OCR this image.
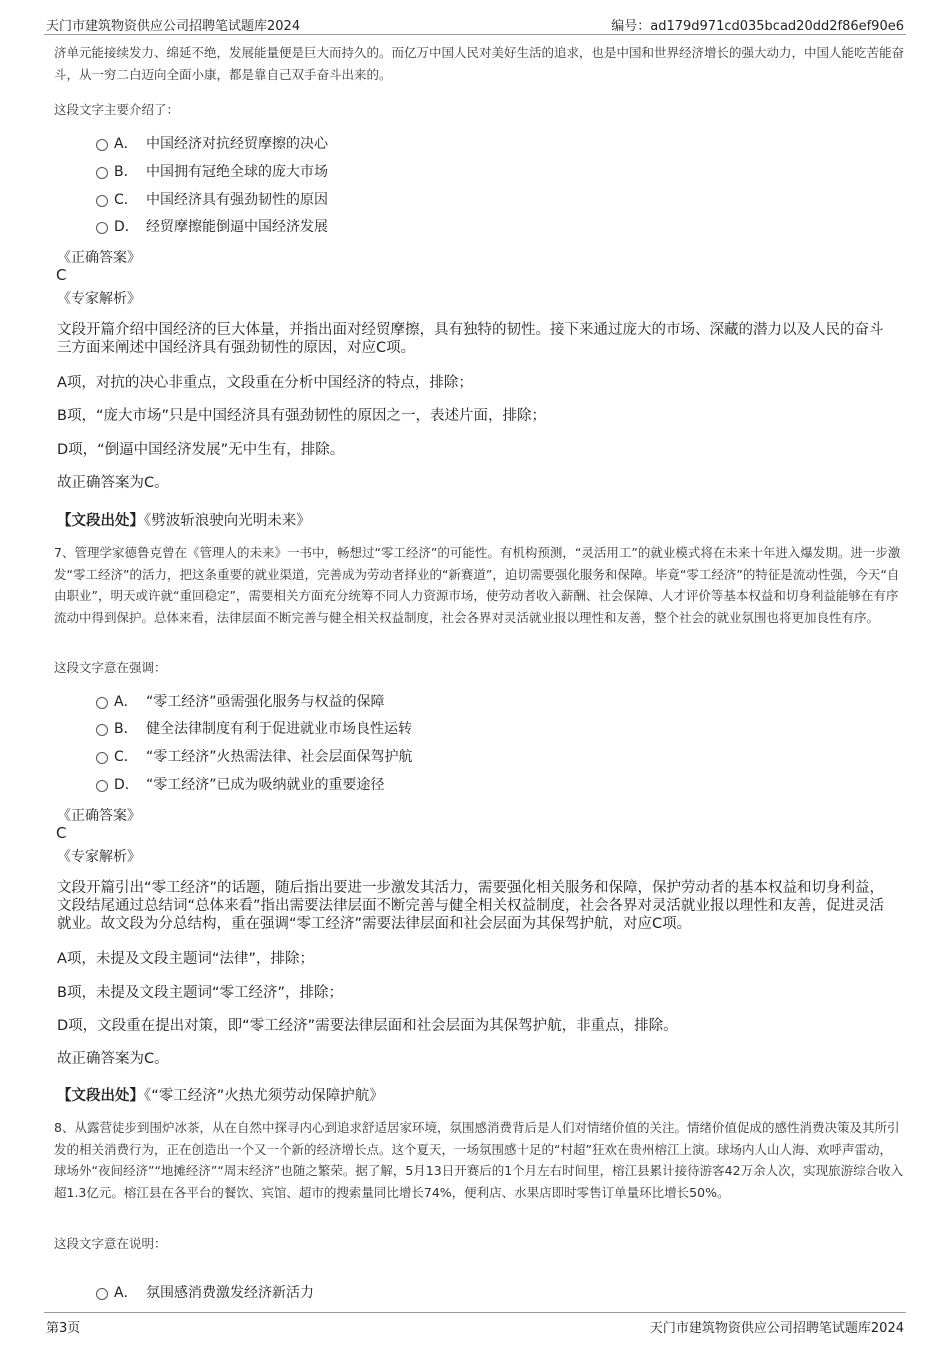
天门市建筑物资供应公司招聘笔试题库2024	编号：ad179d971cd035bcad20dd2f86ef90e6
济单元能接续发力、绵延不绝，发展能量便是巨大而持久的。而亿万中国人民对美好生活的追求，也是中国和世界经济增长的强大动力，中国人能吃苦能奋斗，从一穷二白迈向全面小康，都是靠自己双手奋斗出来的。
这段文字主要介绍了：
A． 中国经济对抗经贸摩擦的决心
B． 中国拥有冠绝全球的庞大市场
C． 中国经济具有强劲韧性的原因
D． 经贸摩擦能倒逼中国经济发展
《正确答案》
C
《专家解析》
文段开篇介绍中国经济的巨大体量，并指出面对经贸摩擦，具有独特的韧性。接下来通过庞大的市场、深藏的潜力以及人民的奋斗三方面来阐述中国经济具有强劲韧性的原因，对应C项。
A项，对抗的决心非重点，文段重在分析中国经济的特点，排除；
B项，“庞大市场”只是中国经济具有强劲韧性的原因之一，表述片面，排除；
D项，“倒逼中国经济发展”无中生有，排除。
故正确答案为C。
【文段出处】《劈波斩浪驶向光明未来》
7、管理学家德鲁克曾在《管理人的未来》一书中，畅想过“零工经济”的可能性。有机构预测，“灵活用工”的就业模式将在未来十年进入爆发期。进一步激发“零工经济”的活力，把这条重要的就业渠道，完善成为劳动者择业的“新赛道”，迫切需要强化服务和保障。毕竟“零工经济”的特征是流动性强，今天“自由职业”，明天或许就“重回稳定”，需要相关方面充分统筹不同人力资源市场，使劳动者收入薪酬、社会保障、人才评价等基本权益和切身利益能够在有序流动中得到保护。总体来看，法律层面不断完善与健全相关权益制度，社会各界对灵活就业报以理性和友善，整个社会的就业氛围也将更加良性有序。
这段文字意在强调：
A． “零工经济”亟需强化服务与权益的保障
B． 健全法律制度有利于促进就业市场良性运转
C． “零工经济”火热需法律、社会层面保驾护航
D． “零工经济”已成为吸纳就业的重要途径
《正确答案》
C
《专家解析》
文段开篇引出“零工经济”的话题，随后指出要进一步激发其活力，需要强化相关服务和保障，保护劳动者的基本权益和切身利益，文段结尾通过总结词“总体来看”指出需要法律层面不断完善与健全相关权益制度，社会各界对灵活就业报以理性和友善，促进灵活就业。故文段为分总结构，重在强调“零工经济”需要法律层面和社会层面为其保驾护航，对应C项。
A项，未提及文段主题词“法律”，排除；
B项，未提及文段主题词“零工经济”，排除；
D项，文段重在提出对策，即“零工经济”需要法律层面和社会层面为其保驾护航，非重点，排除。
故正确答案为C。
【文段出处】《“零工经济”火热尤须劳动保障护航》
8、从露营徒步到围炉冰茶，从在自然中探寻内心到追求舒适居家环境，氛围感消费背后是人们对情绪价值的关注。情绪价值促成的感性消费决策及其所引发的相关消费行为，正在创造出一个又一个新的经济增长点。这个夏天，一场氛围感十足的“村超”狂欢在贵州榕江上演。球场内人山人海、欢呼声雷动，球场外“夜间经济”“地摊经济”“周末经济”也随之繁荣。据了解，5月13日开赛后的1个月左右时间里，榕江县累计接待游客42万余人次，实现旅游综合收入超1.3亿元。榕江县在各平台的餐饮、宾馆、超市的搜索量同比增长74%，便利店、水果店即时零售订单量环比增长50%。
这段文字意在说明：
A． 氛围感消费激发经济新活力
第3页	天门市建筑物资供应公司招聘笔试题库2024
